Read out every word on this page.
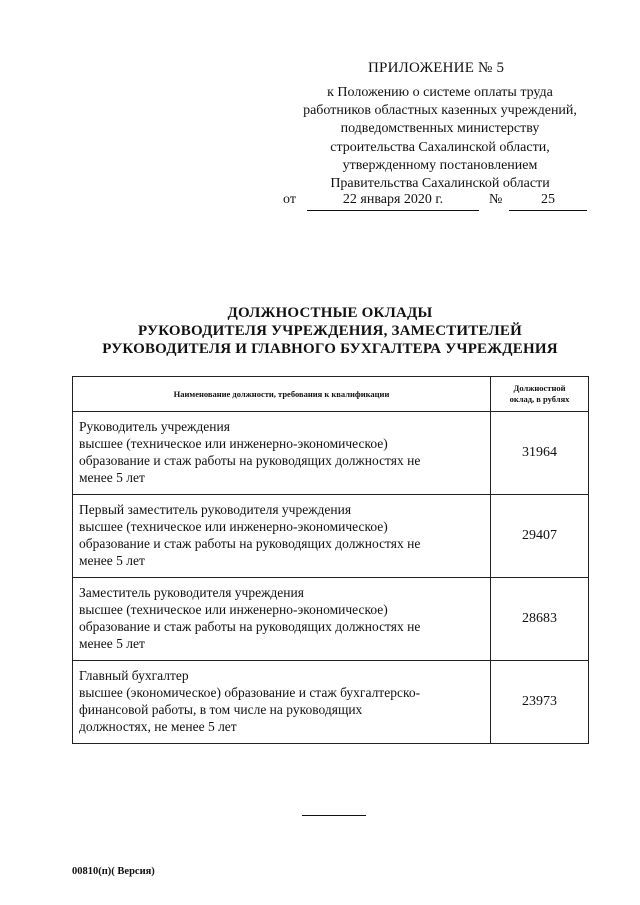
ПРИЛОЖЕНИЕ № 5
к Положению о системе оплаты труда
работников областных казенных учреждений,
подведомственных министерству
строительства Сахалинской области,
утвержденному постановлением
Правительства Сахалинской области
от	22 января 2020 г.	№	25
ДОЛЖНОСТНЫЕ ОКЛАДЫ
РУКОВОДИТЕЛЯ УЧРЕЖДЕНИЯ, ЗАМЕСТИТЕЛЕЙ
РУКОВОДИТЕЛЯ И ГЛАВНОГО БУХГАЛТЕРА УЧРЕЖДЕНИЯ
Наименование должности, требования к квалификации	Должностной
оклад, в рублях

Руководитель учреждения
высшее (техническое или инженерно-экономическое)
образование и стаж работы на руководящих должностях не
менее 5 лет	31964

Первый заместитель руководителя учреждения
высшее (техническое или инженерно-экономическое)
образование и стаж работы на руководящих должностях не
менее 5 лет	29407

Заместитель руководителя учреждения
высшее (техническое или инженерно-экономическое)
образование и стаж работы на руководящих должностях не
менее 5 лет	28683

Главный бухгалтер
высшее (экономическое) образование и стаж бухгалтерско-
финансовой работы, в том числе на руководящих
должностях, не менее 5 лет	23973
00810(п)( Версия)
